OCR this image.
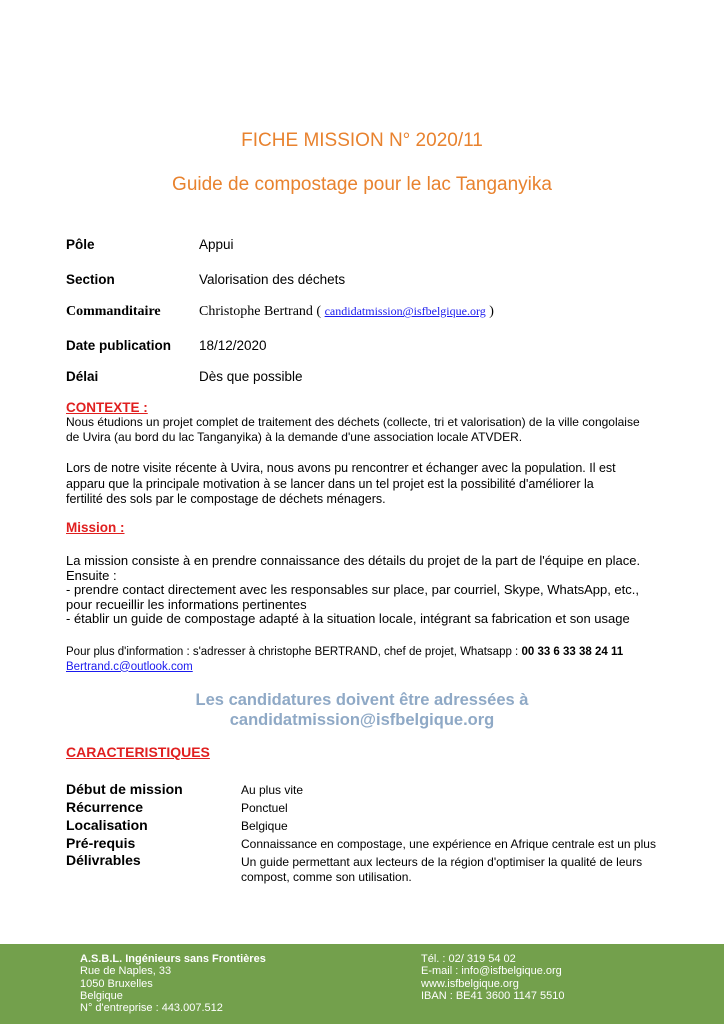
FICHE MISSION N° 2020/11
Guide de compostage pour le lac Tanganyika
Pôle	Appui
Section	Valorisation des déchets
Commanditaire	Christophe Bertrand ( candidatmission@isfbelgique.org )
Date publication 18/12/2020
Délai	Dès que possible
CONTEXTE :
Nous étudions un projet complet de traitement des déchets (collecte, tri et valorisation) de la ville congolaise
de Uvira (au bord du lac Tanganyika) à la demande d'une association locale ATVDER.
Lors de notre visite récente à Uvira, nous avons pu rencontrer et échanger avec la population. Il est
apparu que la principale motivation à se lancer dans un tel projet est la possibilité d'améliorer la
fertilité des sols par le compostage de déchets ménagers.
Mission :
La mission consiste à en prendre connaissance des détails du projet de la part de l'équipe en place.
Ensuite :
- prendre contact directement avec les responsables sur place, par courriel, Skype, WhatsApp, etc.,
pour recueillir les informations pertinentes
- établir un guide de compostage adapté à la situation locale, intégrant sa fabrication et son usage
Pour plus d'information : s'adresser à christophe BERTRAND, chef de projet, Whatsapp : 00 33 6 33 38 24 11
Bertrand.c@outlook.com
Les candidatures doivent être adressées à
candidatmission@isfbelgique.org
CARACTERISTIQUES
Début de mission	Au plus vite
Récurrence	Ponctuel
Localisation	Belgique
Pré-requis	Connaissance en compostage, une expérience en Afrique centrale est un plus
Délivrables	Un guide permettant aux lecteurs de la région d'optimiser la qualité de leurs
compost, comme son utilisation.
A.S.B.L. Ingénieurs sans Frontières
Rue de Naples, 33
1050 Bruxelles
Belgique
N° d'entreprise : 443.007.512
Tél. : 02/ 319 54 02
E-mail : info@isfbelgique.org
www.isfbelgique.org
IBAN : BE41 3600 1147 5510
